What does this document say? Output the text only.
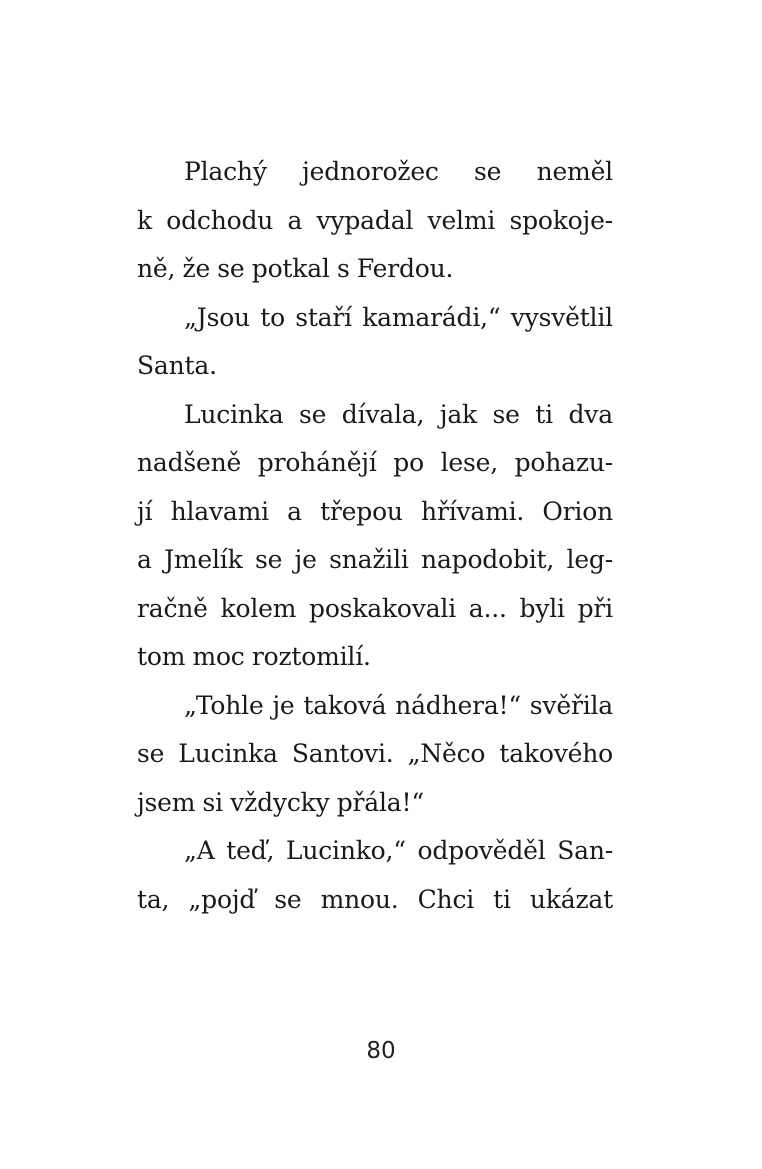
Plachý jednorožec se neměl
k odchodu a vypadal velmi spokoje-
ně, že se potkal s Ferdou.
„Jsou to staří kamarádi,“ vysvětlil
Santa.
Lucinka se dívala, jak se ti dva
nadšeně prohánějí po lese, pohazu-
jí hlavami a třepou hřívami. Orion
a Jmelík se je snažili napodobit, leg-
račně kolem poskakovali a... byli při
tom moc roztomilí.
„Tohle je taková nádhera!“ svěřila
se Lucinka Santovi. „Něco takového
jsem si vždycky přála!“
„A teď, Lucinko,“ odpověděl San-
ta, „pojď se mnou. Chci ti ukázat
80
